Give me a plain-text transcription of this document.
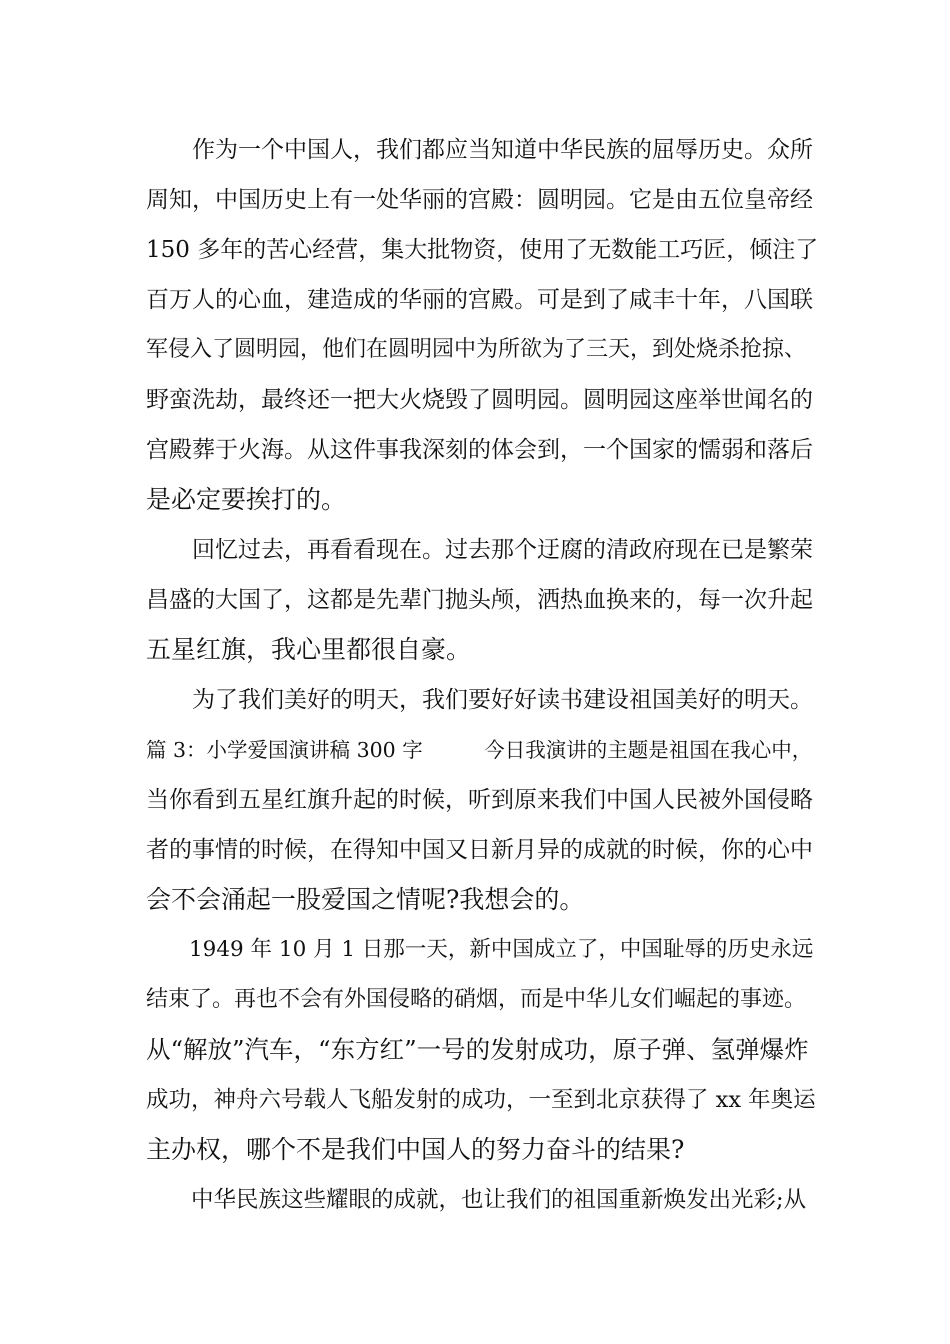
　　作为一个中国人，我们都应当知道中华民族的屈辱历史。众所
周知，中国历史上有一处华丽的宫殿：圆明园。它是由五位皇帝经
150 多年的苦心经营，集大批物资，使用了无数能工巧匠，倾注了
百万人的心血，建造成的华丽的宫殿。可是到了咸丰十年，八国联
军侵入了圆明园，他们在圆明园中为所欲为了三天，到处烧杀抢掠、
野蛮洗劫，最终还一把大火烧毁了圆明园。圆明园这座举世闻名的
宫殿葬于火海。从这件事我深刻的体会到，一个国家的懦弱和落后
是必定要挨打的。
　　回忆过去，再看看现在。过去那个迂腐的清政府现在已是繁荣
昌盛的大国了，这都是先辈门抛头颅，洒热血换来的，每一次升起
五星红旗，我心里都很自豪。
　　为了我们美好的明天，我们要好好读书建设祖国美好的明天。
篇 3：小学爱国演讲稿 300 字　　　今日我演讲的主题是祖国在我心中，
当你看到五星红旗升起的时候，听到原来我们中国人民被外国侵略
者的事情的时候，在得知中国又日新月异的成就的时候，你的心中
会不会涌起一股爱国之情呢?我想会的。
　　1949 年 10 月 1 日那一天，新中国成立了，中国耻辱的历史永远
结束了。再也不会有外国侵略的硝烟，而是中华儿女们崛起的事迹。
从“解放”汽车，“东方红”一号的发射成功，原子弹、氢弹爆炸
成功，神舟六号载人飞船发射的成功，一至到北京获得了 xx 年奥运
主办权，哪个不是我们中国人的努力奋斗的结果?
　　中华民族这些耀眼的成就，也让我们的祖国重新焕发出光彩;从
